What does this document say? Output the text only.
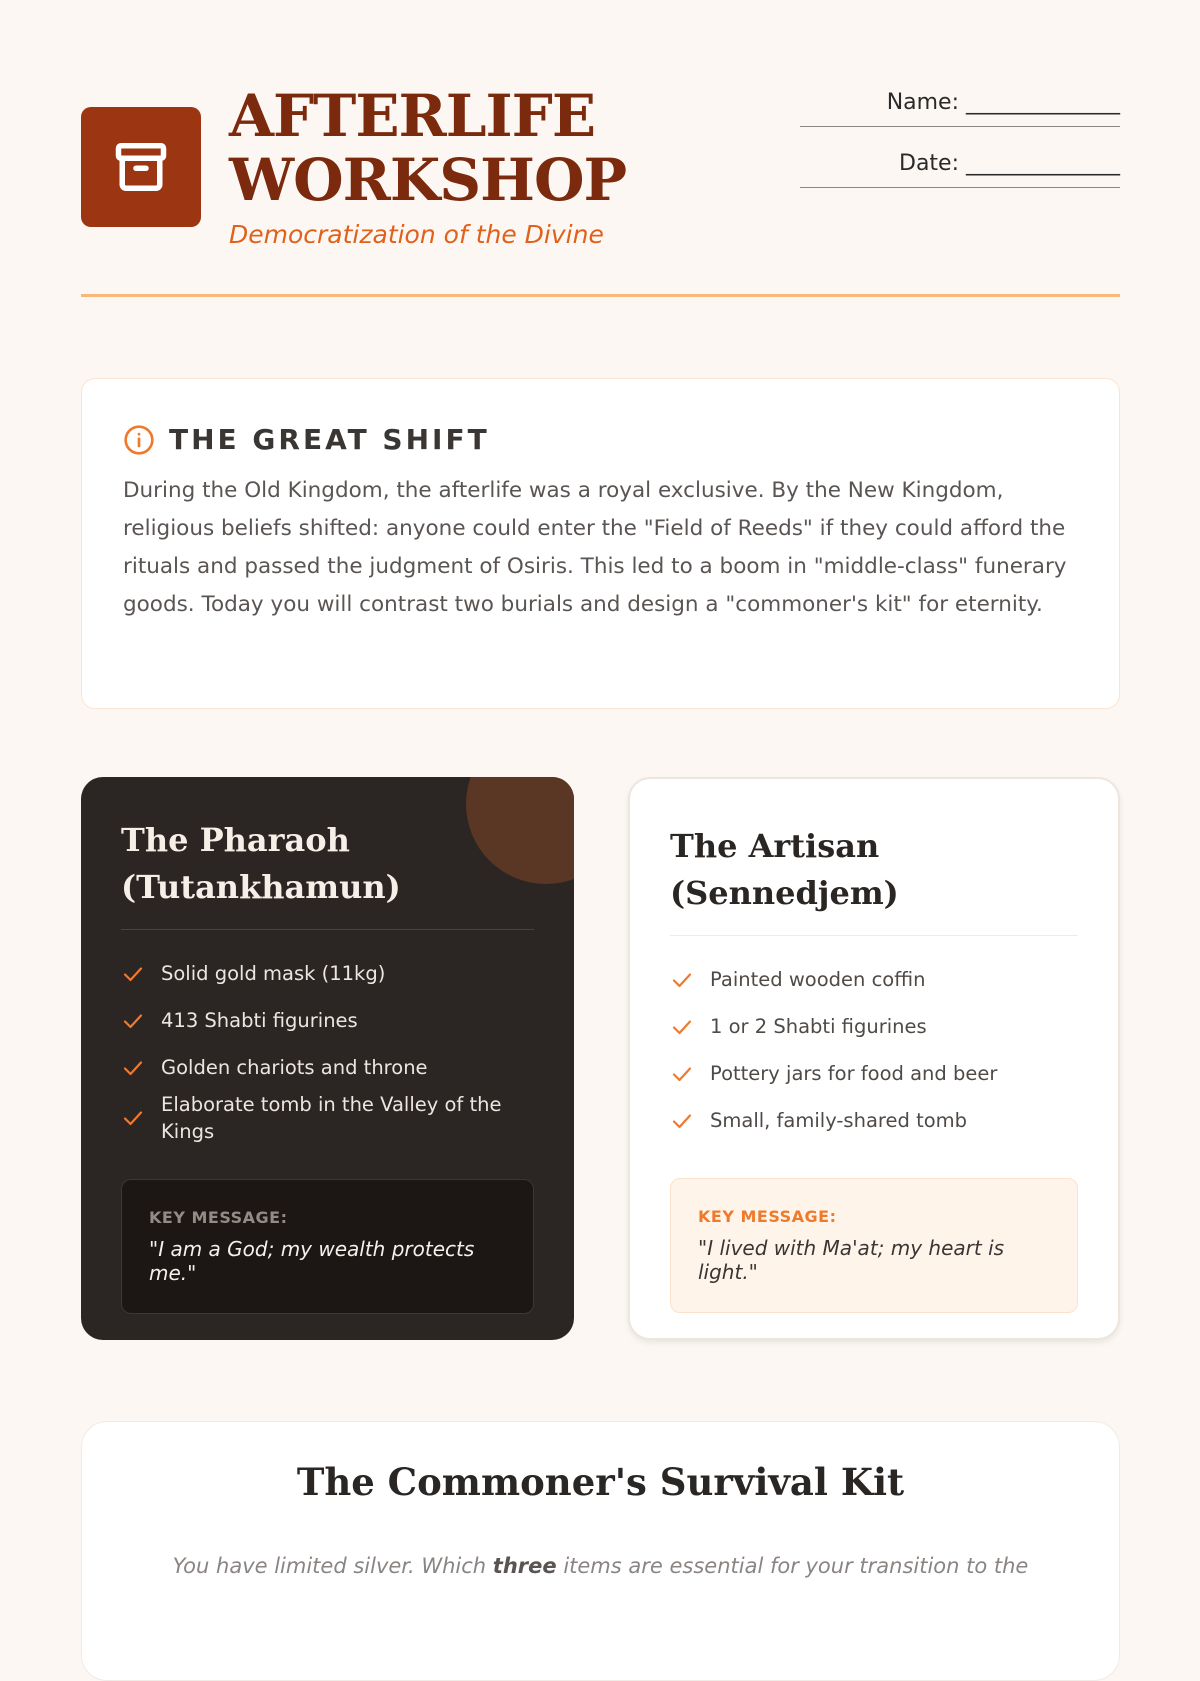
AFTERLIFE
WORKSHOP
Democratization of the Divine
Name: ______________
Date: ______________
THE GREAT SHIFT
During the Old Kingdom, the afterlife was a royal exclusive. By the New Kingdom, religious beliefs shifted: anyone could enter the "Field of Reeds" if they could afford the rituals and passed the judgment of Osiris. This led to a boom in "middle-class" funerary goods. Today you will contrast two burials and design a "commoner's kit" for eternity.
The Pharaoh (Tutankhamun)
Solid gold mask (11kg)
413 Shabti figurines
Golden chariots and throne
Elaborate tomb in the Valley of the Kings
KEY MESSAGE:
"I am a God; my wealth protects me."
The Artisan (Sennedjem)
Painted wooden coffin
1 or 2 Shabti figurines
Pottery jars for food and beer
Small, family-shared tomb
KEY MESSAGE:
"I lived with Ma'at; my heart is light."
The Commoner's Survival Kit
You have limited silver. Which three items are essential for your transition to the
